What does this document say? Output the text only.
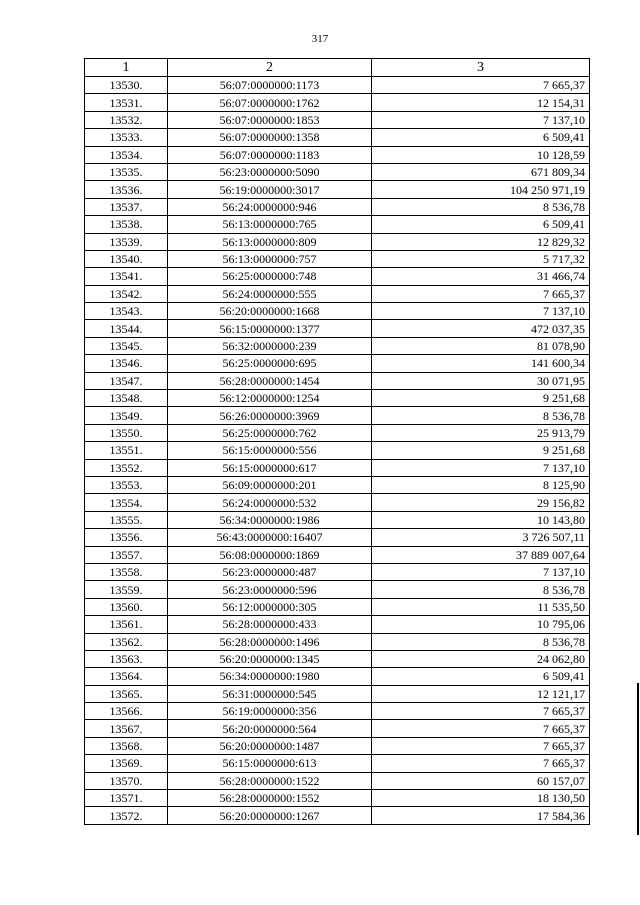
317
1	2	3
13530.	56:07:0000000:1173	7 665,37
13531.	56:07:0000000:1762	12 154,31
13532.	56:07:0000000:1853	7 137,10
13533.	56:07:0000000:1358	6 509,41
13534.	56:07:0000000:1183	10 128,59
13535.	56:23:0000000:5090	671 809,34
13536.	56:19:0000000:3017	104 250 971,19
13537.	56:24:0000000:946	8 536,78
13538.	56:13:0000000:765	6 509,41
13539.	56:13:0000000:809	12 829,32
13540.	56:13:0000000:757	5 717,32
13541.	56:25:0000000:748	31 466,74
13542.	56:24:0000000:555	7 665,37
13543.	56:20:0000000:1668	7 137,10
13544.	56:15:0000000:1377	472 037,35
13545.	56:32:0000000:239	81 078,90
13546.	56:25:0000000:695	141 600,34
13547.	56:28:0000000:1454	30 071,95
13548.	56:12:0000000:1254	9 251,68
13549.	56:26:0000000:3969	8 536,78
13550.	56:25:0000000:762	25 913,79
13551.	56:15:0000000:556	9 251,68
13552.	56:15:0000000:617	7 137,10
13553.	56:09:0000000:201	8 125,90
13554.	56:24:0000000:532	29 156,82
13555.	56:34:0000000:1986	10 143,80
13556.	56:43:0000000:16407	3 726 507,11
13557.	56:08:0000000:1869	37 889 007,64
13558.	56:23:0000000:487	7 137,10
13559.	56:23:0000000:596	8 536,78
13560.	56:12:0000000:305	11 535,50
13561.	56:28:0000000:433	10 795,06
13562.	56:28:0000000:1496	8 536,78
13563.	56:20:0000000:1345	24 062,80
13564.	56:34:0000000:1980	6 509,41
13565.	56:31:0000000:545	12 121,17
13566.	56:19:0000000:356	7 665,37
13567.	56:20:0000000:564	7 665,37
13568.	56:20:0000000:1487	7 665,37
13569.	56:15:0000000:613	7 665,37
13570.	56:28:0000000:1522	60 157,07
13571.	56:28:0000000:1552	18 130,50
13572.	56:20:0000000:1267	17 584,36
